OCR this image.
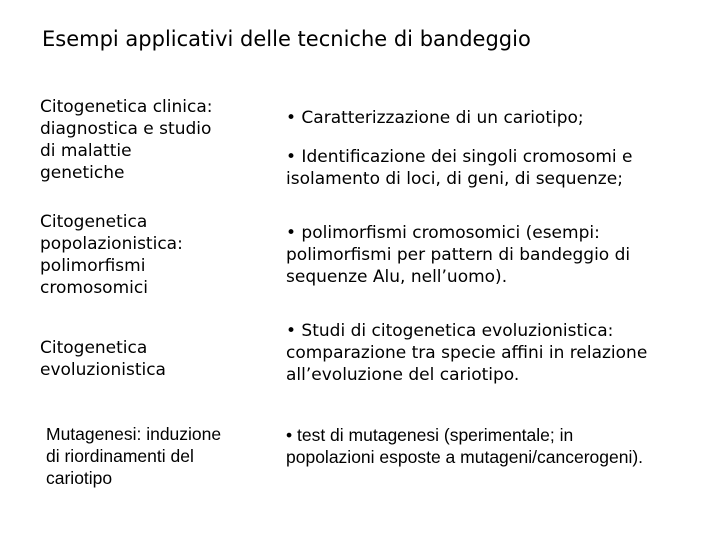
Esempi applicativi delle tecniche di bandeggio
Citogenetica clinica:
diagnostica e studio
di malattie
genetiche
• Caratterizzazione di un cariotipo;
• Identificazione dei singoli cromosomi e
isolamento di loci, di geni, di sequenze;
Citogenetica
popolazionistica:
polimorfismi
cromosomici
• polimorfismi cromosomici (esempi:
polimorfismi per pattern di bandeggio di
sequenze Alu, nell’uomo).
Citogenetica
evoluzionistica
• Studi di citogenetica evoluzionistica:
comparazione tra specie affini in relazione
all’evoluzione del cariotipo.
Mutagenesi: induzione
di riordinamenti del
cariotipo
• test di mutagenesi (sperimentale; in
popolazioni esposte a mutageni/cancerogeni).
